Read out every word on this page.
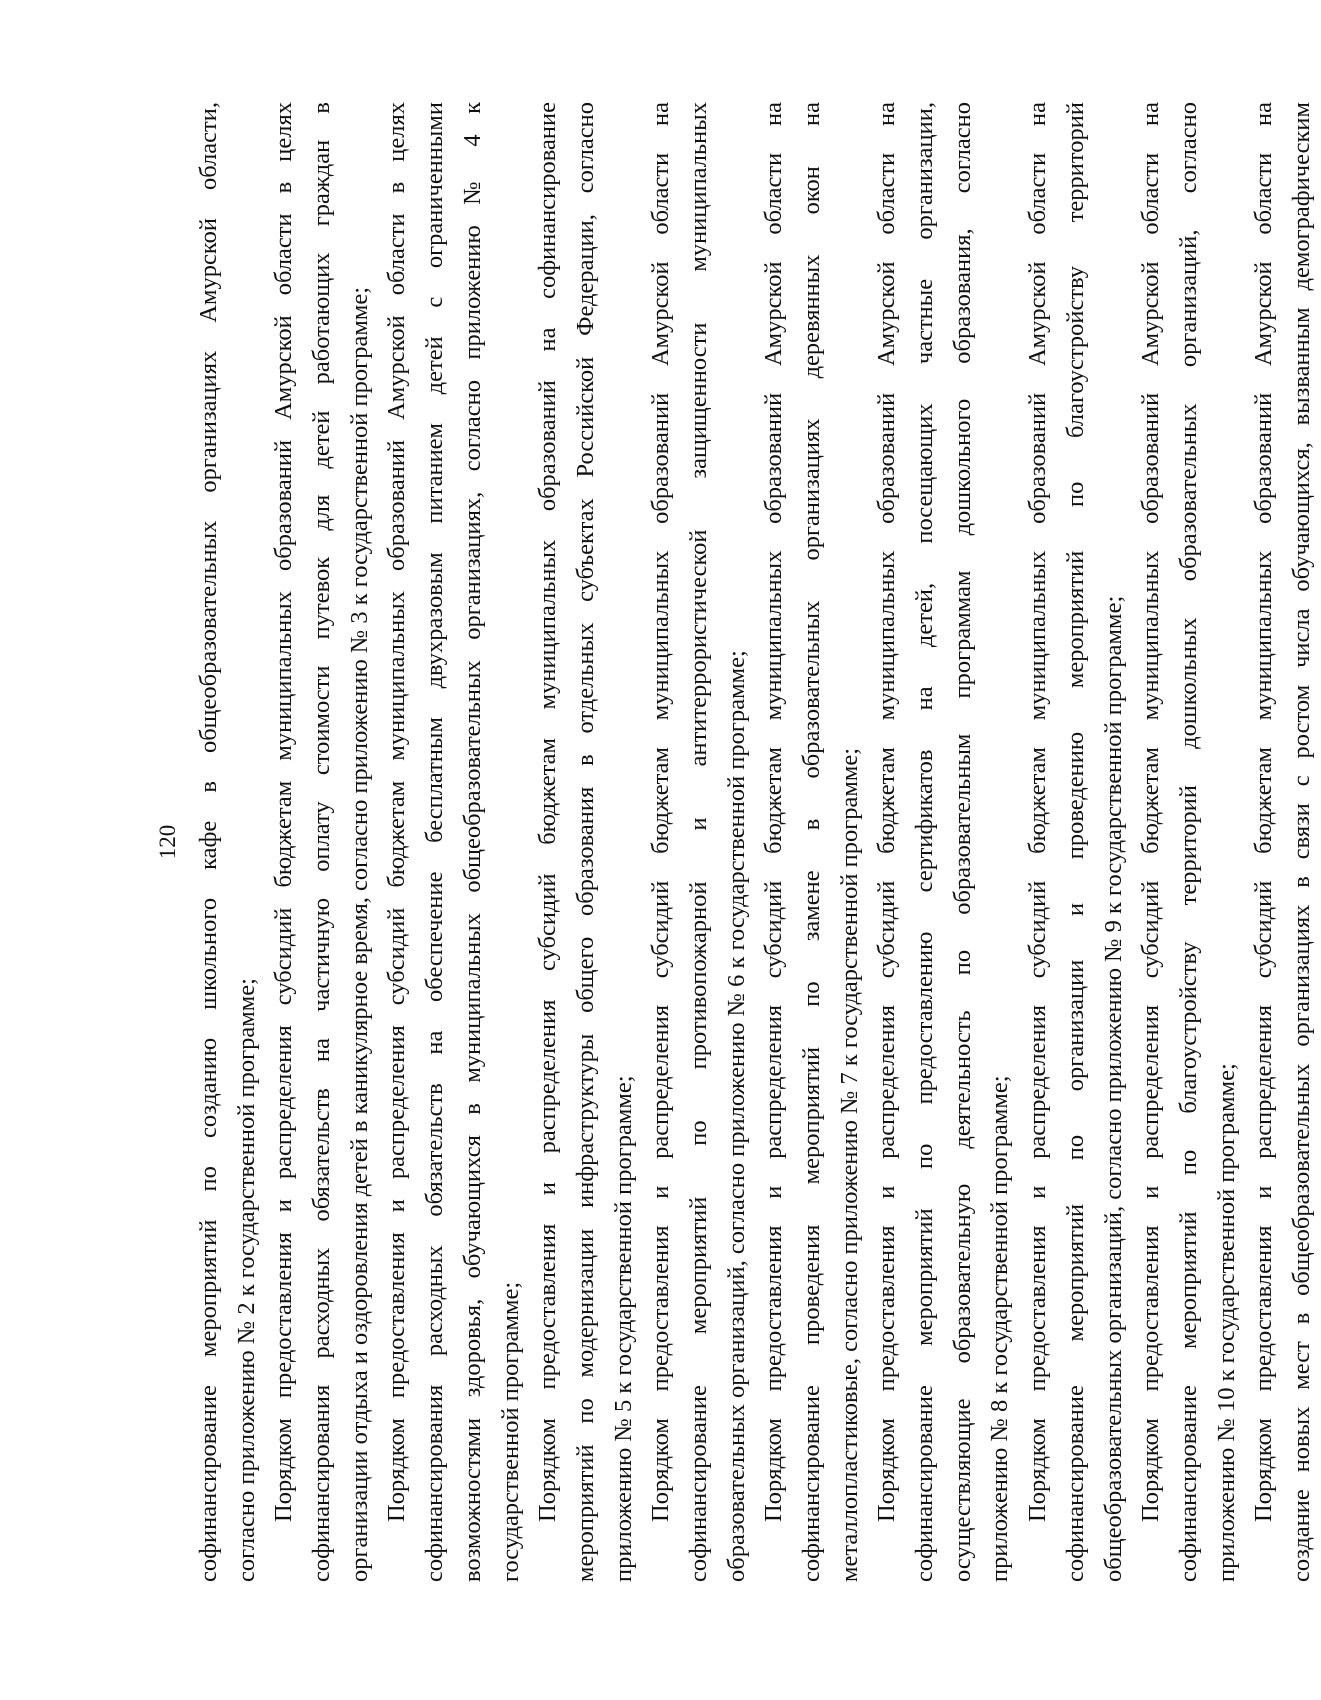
120 софинансирование мероприятий по созданию школьного кафе в общеобразовательных организациях Амурской области, согласно приложению № 2 к государственной программе; Порядком предоставления и распределения субсидий бюджетам муниципальных образований Амурской области в целях софинансирования расходных обязательств на частичную оплату стоимости путевок для детей работающих граждан в организации отдыха и оздоровления детей в каникулярное время, согласно приложению № 3 к государственной программе; Порядком предоставления и распределения субсидий бюджетам муниципальных образований Амурской области в целях софинансирования расходных обязательств на обеспечение бесплатным двухразовым питанием детей с ограниченными возможностями здоровья, обучающихся в муниципальных общеобразовательных организациях, согласно приложению № 4 к государственной программе; Порядком предоставления и распределения субсидий бюджетам муниципальных образований на софинансирование мероприятий по модернизации инфраструктуры общего образования в отдельных субъектах Российской Федерации, согласно приложению № 5 к государственной программе; Порядком предоставления и распределения субсидий бюджетам муниципальных образований Амурской области на софинансирование мероприятий по противопожарной и антитеррористической защищенности муниципальных образовательных организаций, согласно приложению № 6 к государственной программе; Порядком предоставления и распределения субсидий бюджетам муниципальных образований Амурской области на софинансирование проведения мероприятий по замене в образовательных организациях деревянных окон на металлопластиковые, согласно приложению № 7 к государственной программе; Порядком предоставления и распределения субсидий бюджетам муниципальных образований Амурской области на софинансирование мероприятий по предоставлению сертификатов на детей, посещающих частные организации, осуществляющие образовательную деятельность по образовательным программам дошкольного образования, согласно приложению № 8 к государственной программе; Порядком предоставления и распределения субсидий бюджетам муниципальных образований Амурской области на софинансирование мероприятий по организации и проведению мероприятий по благоустройству территорий общеобразовательных организаций, согласно приложению № 9 к государственной программе; Порядком предоставления и распределения субсидий бюджетам муниципальных образований Амурской области на софинансирование мероприятий по благоустройству территорий дошкольных образовательных организаций, согласно приложению № 10 к государственной программе; Порядком предоставления и распределения субсидий бюджетам муниципальных образований Амурской области на создание новых мест в общеобразовательных организациях в связи с ростом числа обучающихся, вызванным демографическим
